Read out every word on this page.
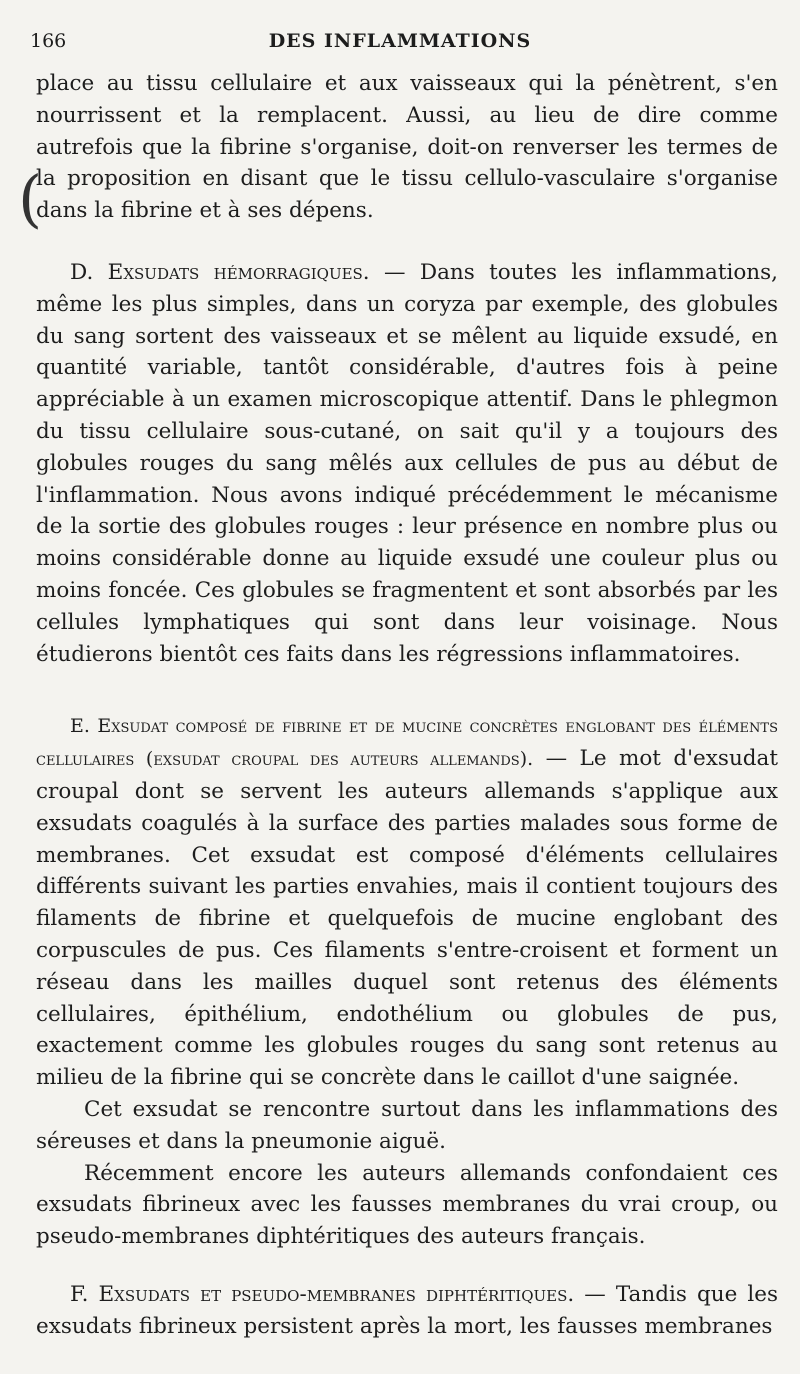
166	DES INFLAMMATIONS
(

place au tissu cellulaire et aux vaisseaux qui la pénètrent, s'en nourrissent et la remplacent. Aussi, au lieu de dire comme autrefois que la fibrine s'organise, doit-on renverser les termes de la proposition en disant que le tissu cellulo-vasculaire s'organise dans la fibrine et à ses dépens.

D. Exsudats hémorragiques. — Dans toutes les inflammations, même les plus simples, dans un coryza par exemple, des globules du sang sortent des vaisseaux et se mêlent au liquide exsudé, en quantité variable, tantôt considérable, d'autres fois à peine appréciable à un examen microscopique attentif. Dans le phlegmon du tissu cellulaire sous-cutané, on sait qu'il y a toujours des globules rouges du sang mêlés aux cellules de pus au début de l'inflammation. Nous avons indiqué précédemment le mécanisme de la sortie des globules rouges : leur présence en nombre plus ou moins considérable donne au liquide exsudé une couleur plus ou moins foncée. Ces globules se fragmentent et sont absorbés par les cellules lymphatiques qui sont dans leur voisinage. Nous étudierons bientôt ces faits dans les régressions inflammatoires.

E. Exsudat composé de fibrine et de mucine concrètes englobant des éléments cellulaires (exsudat croupal des auteurs allemands). — Le mot d'exsudat croupal dont se servent les auteurs allemands s'applique aux exsudats coagulés à la surface des parties malades sous forme de membranes. Cet exsudat est composé d'éléments cellulaires différents suivant les parties envahies, mais il contient toujours des filaments de fibrine et quelquefois de mucine englobant des corpuscules de pus. Ces filaments s'entre-croisent et forment un réseau dans les mailles duquel sont retenus des éléments cellulaires, épithélium, endothélium ou globules de pus, exactement comme les globules rouges du sang sont retenus au milieu de la fibrine qui se concrète dans le caillot d'une saignée.

Cet exsudat se rencontre surtout dans les inflammations des séreuses et dans la pneumonie aiguë.

Récemment encore les auteurs allemands confondaient ces exsudats fibrineux avec les fausses membranes du vrai croup, ou pseudo-membranes diphtéritiques des auteurs français.

F. Exsudats et pseudo-membranes diphtéritiques. — Tandis que les exsudats fibrineux persistent après la mort, les fausses membranes
